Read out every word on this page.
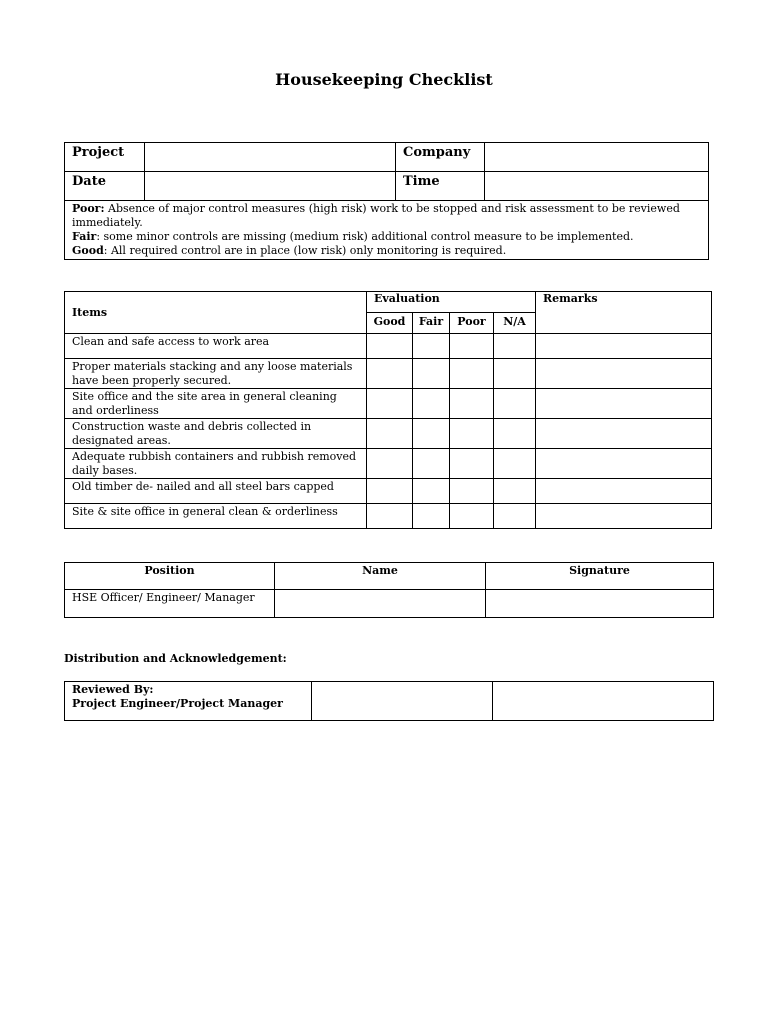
Housekeeping Checklist
Project		Company	
Date		Time	

Poor: Absence of major control measures (high risk) work to be stopped and risk assessment to be reviewed immediately.
Fair: some minor controls are missing (medium risk) additional control measure to be implemented.
Good: All required control are in place (low risk) only monitoring is required.			
Items	Evaluation				Remarks
	Good	Fair	Poor	N/A	
Clean and safe access to work area					
Proper materials stacking and any loose materials have been properly secured.					
Site office and the site area in general cleaning and orderliness					
Construction waste and debris collected in designated areas.					
Adequate rubbish containers and rubbish removed daily bases.					
Old timber de- nailed and all steel bars capped					
Site & site office in general clean & orderliness					
Position	Name	Signature
HSE Officer/ Engineer/ Manager		
Distribution and Acknowledgement:
Reviewed By:
Project Engineer/Project Manager
